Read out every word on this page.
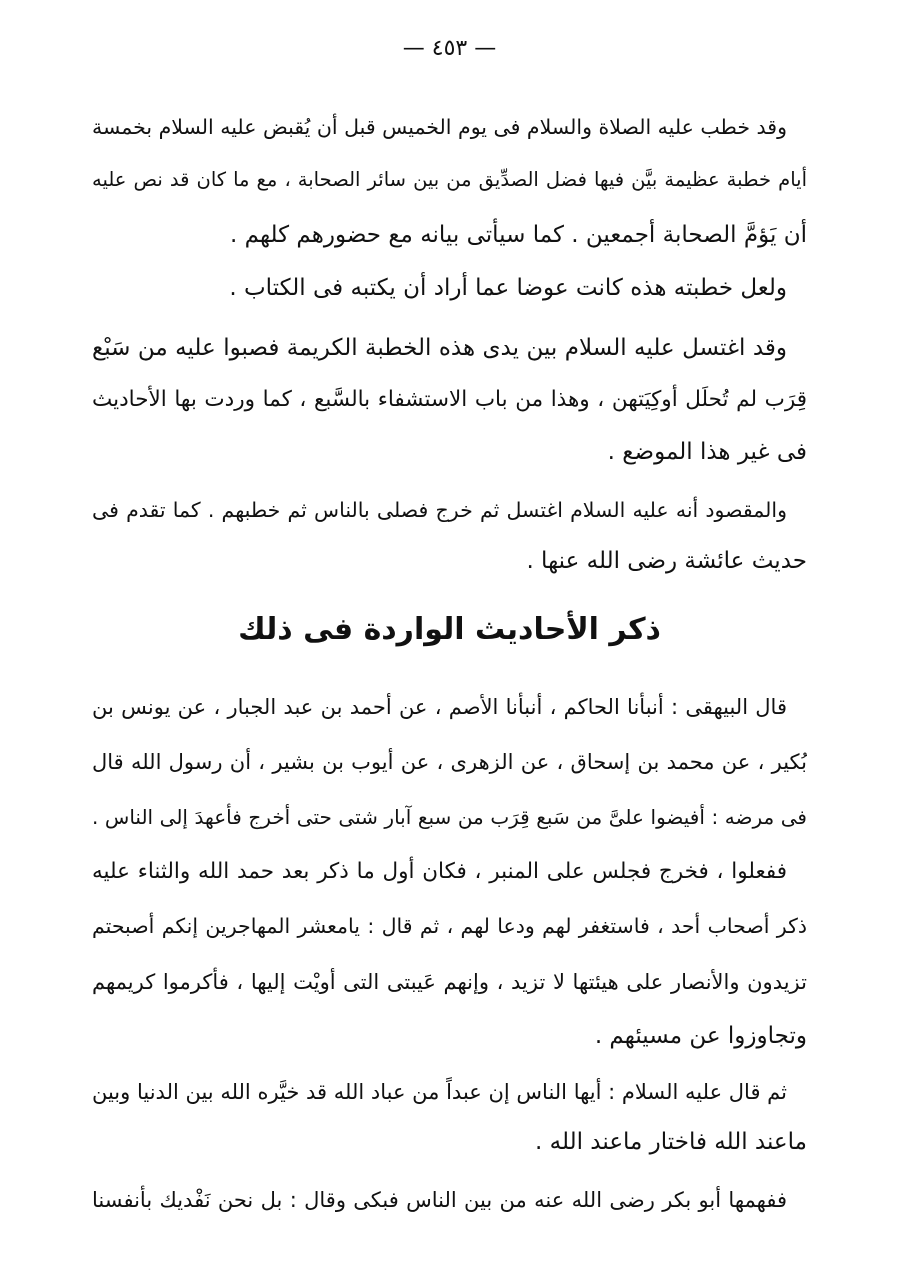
— ٤٥٣ —
وقد خطب عليه الصلاة والسلام فى يوم الخميس قبل أن يُقبض عليه السلام بخمسة
أيام خطبة عظيمة بيَّن فيها فضل الصدِّيق من بين سائر الصحابة ، مع ما كان قد نص عليه
أن يَؤمَّ الصحابة أجمعين . كما سيأتى بيانه مع حضورهم كلهم .
ولعل خطبته هذه كانت عوضا عما أراد أن يكتبه فى الكتاب .
وقد اغتسل عليه السلام بين يدى هذه الخطبة الكريمة فصبوا عليه من سَبْع
قِرَب لم تُحلَل أوكِيَتهن ، وهذا من باب الاستشفاء بالسَّبع ، كما وردت بها الأحاديث
فى غير هذا الموضع .
والمقصود أنه عليه السلام اغتسل ثم خرج فصلى بالناس ثم خطبهم . كما تقدم فى
حديث عائشة رضى الله عنها .
ذكر الأحاديث الواردة فى ذلك
قال البيهقى : أنبأنا الحاكم ، أنبأنا الأصم ، عن أحمد بن عبد الجبار ، عن يونس بن
بُكير ، عن محمد بن إسحاق ، عن الزهرى ، عن أيوب بن بشير ، أن رسول الله قال
فى مرضه : أفيضوا علىَّ من سَبع قِرَب من سبع آبار شتى حتى أخرج فأعهدَ إلى الناس .
ففعلوا ، فخرج فجلس على المنبر ، فكان أول ما ذكر بعد حمد الله والثناء عليه
ذكر أصحاب أحد ، فاستغفر لهم ودعا لهم ، ثم قال : يامعشر المهاجرين إنكم أصبحتم
تزيدون والأنصار على هيئتها لا تزيد ، وإنهم عَيبتى التى أويْت إليها ، فأكرموا كريمهم
وتجاوزوا عن مسيئهم .
ثم قال عليه السلام : أيها الناس إن عبداً من عباد الله قد خيَّره الله بين الدنيا وبين
ماعند الله فاختار ماعند الله .
ففهمها أبو بكر رضى الله عنه من بين الناس فبكى وقال : بل نحن نَفْديك بأنفسنا
